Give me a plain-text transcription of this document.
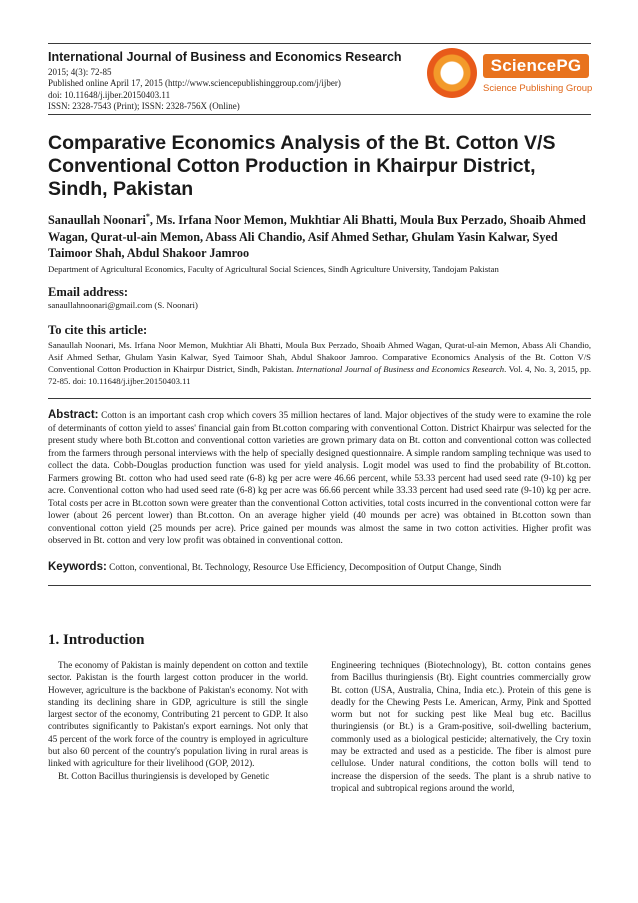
International Journal of Business and Economics Research
2015; 4(3): 72-85
Published online April 17, 2015 (http://www.sciencepublishinggroup.com/j/ijber)
doi: 10.11648/j.ijber.20150403.11
ISSN: 2328-7543 (Print); ISSN: 2328-756X (Online)
SciencePG
Science Publishing Group
Comparative Economics Analysis of the Bt. Cotton V/S Conventional Cotton Production in Khairpur District, Sindh, Pakistan
Sanaullah Noonari*, Ms. Irfana Noor Memon, Mukhtiar Ali Bhatti, Moula Bux Perzado, Shoaib Ahmed Wagan, Qurat-ul-ain Memon, Abass Ali Chandio, Asif Ahmed Sethar, Ghulam Yasin Kalwar, Syed Taimoor Shah, Abdul Shakoor Jamroo
Department of Agricultural Economics, Faculty of Agricultural Social Sciences, Sindh Agriculture University, Tandojam Pakistan
Email address:
sanaullahnoonari@gmail.com (S. Noonari)
To cite this article:
Sanaullah Noonari, Ms. Irfana Noor Memon, Mukhtiar Ali Bhatti, Moula Bux Perzado, Shoaib Ahmed Wagan, Qurat-ul-ain Memon, Abass Ali Chandio, Asif Ahmed Sethar, Ghulam Yasin Kalwar, Syed Taimoor Shah, Abdul Shakoor Jamroo. Comparative Economics Analysis of the Bt. Cotton V/S Conventional Cotton Production in Khairpur District, Sindh, Pakistan. International Journal of Business and Economics Research. Vol. 4, No. 3, 2015, pp. 72-85. doi: 10.11648/j.ijber.20150403.11
Abstract: Cotton is an important cash crop which covers 35 million hectares of land. Major objectives of the study were to examine the role of determinants of cotton yield to asses' financial gain from Bt.cotton comparing with conventional Cotton. District Khairpur was selected for the present study where both Bt.cotton and conventional cotton varieties are grown primary data on Bt. cotton and conventional cotton was collected from the farmers through personal interviews with the help of specially designed questionnaire. A simple random sampling technique was used to collect the data. Cobb-Douglas production function was used for yield analysis. Logit model was used to find the probability of Bt.cotton. Farmers growing Bt. cotton who had used seed rate (6-8) kg per acre were 46.66 percent, while 53.33 percent had used seed rate (9-10) kg per acre. Conventional cotton who had used seed rate (6-8) kg per acre was 66.66 percent while 33.33 percent had used seed rate (9-10) kg per acre. Total costs per acre in Bt.cotton sown were greater than the conventional Cotton activities, total costs incurred in the conventional cotton were far lower (about 26 percent lower) than Bt.cotton. On an average higher yield (40 mounds per acre) was obtained in Bt.cotton sown than conventional cotton yield (25 mounds per acre). Price gained per mounds was almost the same in two cotton activities. Higher profit was observed in Bt. cotton and very low profit was obtained in conventional cotton.
Keywords: Cotton, conventional, Bt. Technology, Resource Use Efficiency, Decomposition of Output Change, Sindh
1. Introduction

The economy of Pakistan is mainly dependent on cotton and textile sector. Pakistan is the fourth largest cotton producer in the world. However, agriculture is the backbone of Pakistan's economy. Not with standing its declining share in GDP, agriculture is still the single largest sector of the economy, Contributing 21 percent to GDP. It also contributes significantly to Pakistan's export earnings. Not only that 45 percent of the work force of the country is employed in agriculture but also 60 percent of the country's population living in rural areas is linked with agriculture for their livelihood (GOP, 2012).

Bt. Cotton Bacillus thuringiensis is developed by Genetic

Engineering techniques (Biotechnology), Bt. cotton contains genes from Bacillus thuringiensis (Bt). Eight countries commercially grow Bt. cotton (USA, Australia, China, India etc.). Protein of this gene is deadly for the Chewing Pests I.e. American, Army, Pink and Spotted worm but not for sucking pest like Meal bug etc. Bacillus thuringiensis (or Bt.) is a Gram-positive, soil-dwelling bacterium, commonly used as a biological pesticide; alternatively, the Cry toxin may be extracted and used as a pesticide. The fiber is almost pure cellulose. Under natural conditions, the cotton bolls will tend to increase the dispersion of the seeds. The plant is a shrub native to tropical and subtropical regions around the world,
